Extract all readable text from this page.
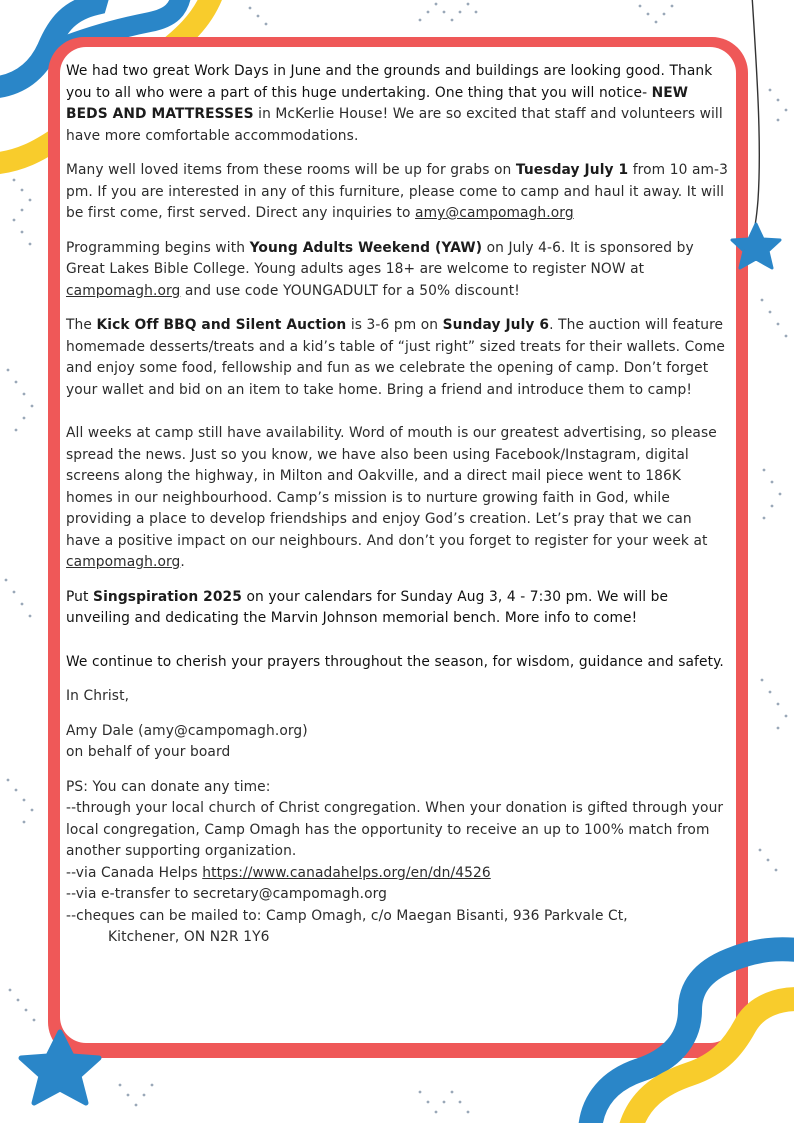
We had two great Work Days in June and the grounds and buildings are looking good. Thank you to all who were a part of this huge undertaking. One thing that you will notice- NEW BEDS AND MATTRESSES in McKerlie House! We are so excited that staff and volunteers will have more comfortable accommodations.

Many well loved items from these rooms will be up for grabs on Tuesday July 1 from 10 am-3 pm. If you are interested in any of this furniture, please come to camp and haul it away. It will be first come, first served. Direct any inquiries to amy@campomagh.org

Programming begins with Young Adults Weekend (YAW) on July 4-6. It is sponsored by Great Lakes Bible College. Young adults ages 18+ are welcome to register NOW at campomagh.org and use code YOUNGADULT for a 50% discount!

The Kick Off BBQ and Silent Auction is 3-6 pm on Sunday July 6. The auction will feature homemade desserts/treats and a kid’s table of “just right” sized treats for their wallets. Come and enjoy some food, fellowship and fun as we celebrate the opening of camp. Don’t forget your wallet and bid on an item to take home. Bring a friend and introduce them to camp!

All weeks at camp still have availability. Word of mouth is our greatest advertising, so please spread the news. Just so you know, we have also been using Facebook/Instagram, digital screens along the highway, in Milton and Oakville, and a direct mail piece went to 186K homes in our neighbourhood. Camp’s mission is to nurture growing faith in God, while providing a place to develop friendships and enjoy God’s creation. Let’s pray that we can have a positive impact on our neighbours. And don’t you forget to register for your week at campomagh.org.

Put Singspiration 2025 on your calendars for Sunday Aug 3, 4 - 7:30 pm. We will be unveiling and dedicating the Marvin Johnson memorial bench. More info to come!

We continue to cherish your prayers throughout the season, for wisdom, guidance and safety.

In Christ,

Amy Dale (amy@campomagh.org)
on behalf of your board

PS: You can donate any time:
--through your local church of Christ congregation. When your donation is gifted through your local congregation, Camp Omagh has the opportunity to receive an up to 100% match from another supporting organization.
--via Canada Helps https://www.canadahelps.org/en/dn/4526
--via e-transfer to secretary@campomagh.org
--cheques can be mailed to: Camp Omagh, c/o Maegan Bisanti, 936 Parkvale Ct,
Kitchener, ON N2R 1Y6
